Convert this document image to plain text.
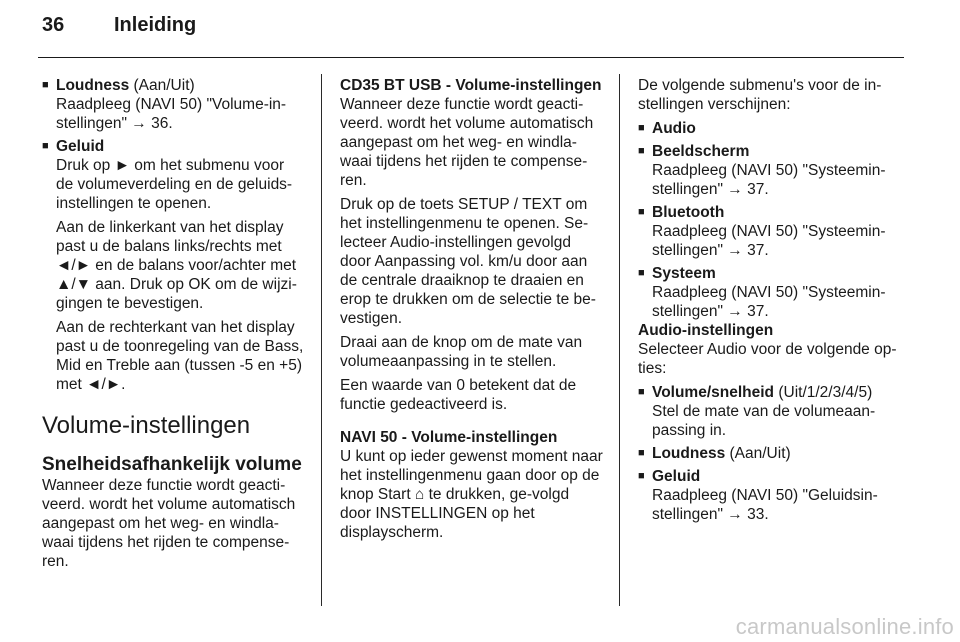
36	Inleiding
■ Loudness (Aan/Uit)
Raadpleeg (NAVI 50) "Volume-in-stellingen" → 36.
■ Geluid
Druk op ► om het submenu voor de volumeverdeling en de geluids-instellingen te openen.
Aan de linkerkant van het display past u de balans links/rechts met ◄/► en de balans voor/achter met ▲/▼ aan. Druk op OK om de wijzi-gingen te bevestigen.
Aan de rechterkant van het display past u de toonregeling van de Bass, Mid en Treble aan (tussen -5 en +5) met ◄/►.
Volume-instellingen
Snelheidsafhankelijk volume
Wanneer deze functie wordt geacti-veerd. wordt het volume automatisch aangepast om het weg- en windla-waai tijdens het rijden te compense-ren.
CD35 BT USB - Volume-instellingen
Wanneer deze functie wordt geacti-veerd. wordt het volume automatisch aangepast om het weg- en windla-waai tijdens het rijden te compense-ren.
Druk op de toets SETUP / TEXT om het instellingenmenu te openen. Se-lecteer Audio-instellingen gevolgd door Aanpassing vol. km/u door aan de centrale draaiknop te draaien en erop te drukken om de selectie te be-vestigen.
Draai aan de knop om de mate van volumeaanpassing in te stellen.
Een waarde van 0 betekent dat de functie gedeactiveerd is.
NAVI 50 - Volume-instellingen
U kunt op ieder gewenst moment naar het instellingenmenu gaan door op de knop Start ⌂ te drukken, ge-volgd door INSTELLINGEN op het displayscherm.
De volgende submenu's voor de in-stellingen verschijnen:
■ Audio
■ Beeldscherm
Raadpleeg (NAVI 50) "Systeemin-stellingen" → 37.
■ Bluetooth
Raadpleeg (NAVI 50) "Systeemin-stellingen" → 37.
■ Systeem
Raadpleeg (NAVI 50) "Systeemin-stellingen" → 37.
Audio-instellingen
Selecteer Audio voor de volgende op-ties:
■ Volume/snelheid (Uit/1/2/3/4/5)
Stel de mate van de volumeaan-passing in.
■ Loudness (Aan/Uit)
■ Geluid
Raadpleeg (NAVI 50) "Geluidsin-stellingen" → 33.
carmanualsonline.info
